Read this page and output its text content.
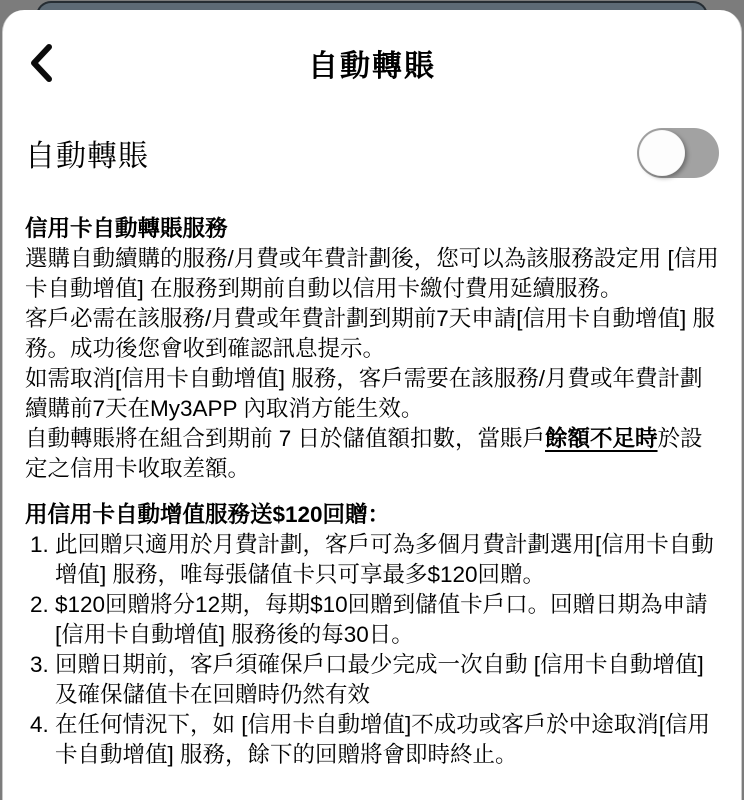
自動轉賬
自動轉賬
信用卡自動轉賬服務

選購自動續購的服務/月費或年費計劃後，您可以為該服務設定用 [信用卡自動增值] 在服務到期前自動以信用卡繳付費用延續服務。

客戶必需在該服務/月費或年費計劃到期前7天申請[信用卡自動增值] 服務。成功後您會收到確認訊息提示。

如需取消[信用卡自動增值] 服務，客戶需要在該服務/月費或年費計劃續購前7天在My3APP 內取消方能生效。

自動轉賬將在組合到期前 7 日於儲值額扣數，當賬戶餘額不足時於設定之信用卡收取差額。

用信用卡自動增值服務送$120回贈：
1. 此回贈只適用於月費計劃，客戶可為多個月費計劃選用[信用卡自動增值] 服務，唯每張儲值卡只可享最多$120回贈。
2. $120回贈將分12期，每期$10回贈到儲值卡戶口。回贈日期為申請[信用卡自動增值] 服務後的每30日。
3. 回贈日期前，客戶須確保戶口最少完成一次自動 [信用卡自動增值]及確保儲值卡在回贈時仍然有效
4. 在任何情況下，如 [信用卡自動增值]不成功或客戶於中途取消[信用卡自動增值] 服務，餘下的回贈將會即時終止。
